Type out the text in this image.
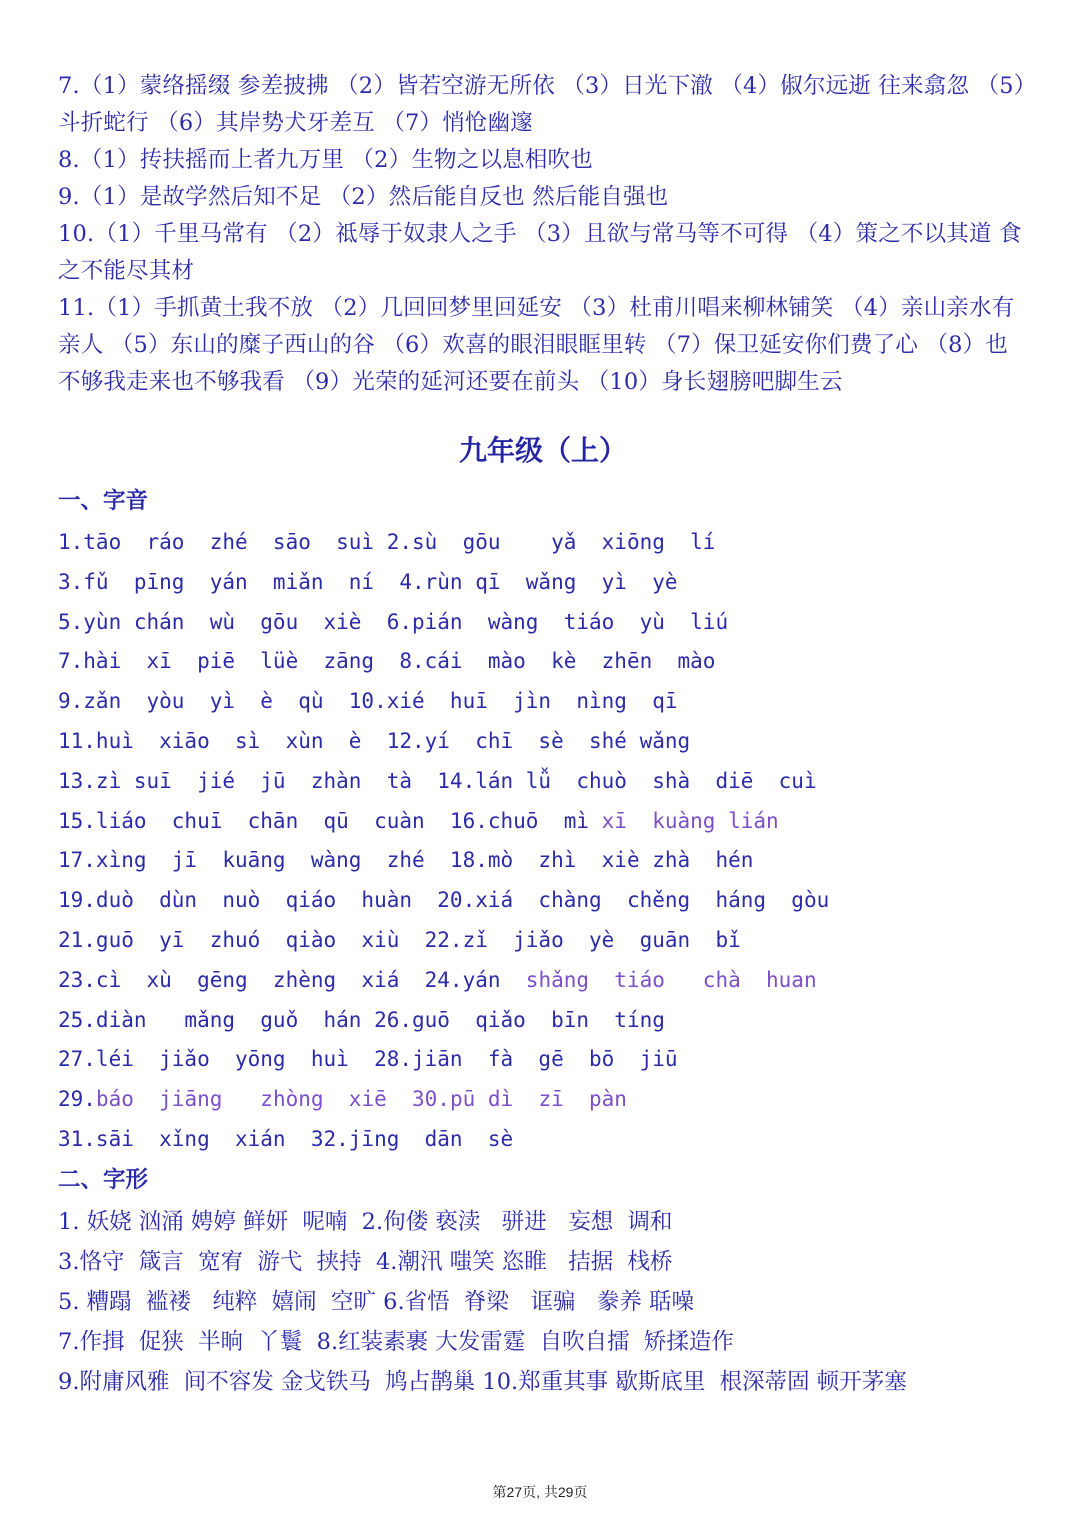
7.（1）蒙络摇缀 参差披拂 （2）皆若空游无所依 （3）日光下澈 （4）俶尔远逝 往来翕忽 （5）斗折蛇行 （6）其岸势犬牙差互 （7）悄怆幽邃

8.（1）抟扶摇而上者九万里 （2）生物之以息相吹也

9.（1）是故学然后知不足 （2）然后能自反也 然后能自强也

10.（1）千里马常有 （2）祗辱于奴隶人之手 （3）且欲与常马等不可得 （4）策之不以其道 食之不能尽其材

11.（1）手抓黄土我不放 （2）几回回梦里回延安 （3）杜甫川唱来柳林铺笑 （4）亲山亲水有亲人 （5）东山的糜子西山的谷 （6）欢喜的眼泪眼眶里转 （7）保卫延安你们费了心 （8）也不够我走来也不够我看 （9）光荣的延河还要在前头 （10）身长翅膀吧脚生云

九年级（上）
一、字音

1.tāo  ráo  zhé  sāo  suì 2.sù  gōu    yǎ  xiōng  lí

3.fǔ  pīng  yán  miǎn  ní  4.rùn qī  wǎng  yì  yè

5.yùn chán  wù  gōu  xiè  6.pián  wàng  tiáo  yù  liú

7.hài  xī  piē  lüè  zāng  8.cái  mào  kè  zhēn  mào

9.zǎn  yòu  yì  è  qù  10.xié  huī  jìn  nìng  qī

11.huì  xiāo  sì  xùn  è  12.yí  chī  sè  shé wǎng

13.zì suī  jié  jū  zhàn  tà  14.lán lǚ  chuò  shà  diē  cuì

15.liáo  chuī  chān  qū  cuàn  16.chuō  mì xī  kuàng lián

17.xìng  jī  kuāng  wàng  zhé  18.mò  zhì  xiè zhà  hén

19.duò  dùn  nuò  qiáo  huàn  20.xiá  chàng  chěng  háng  gòu

21.guō  yī  zhuó  qiào  xiù  22.zǐ  jiǎo  yè  guān  bǐ

23.cì  xù  gēng  zhèng  xiá  24.yán  shǎng  tiáo   chà  huan

25.diàn   mǎng  guǒ  hán 26.guō  qiǎo  bīn  tíng

27.léi  jiǎo  yōng  huì  28.jiān  fà  gē  bō  jiū

29.báo  jiāng   zhòng  xiē  30.pū dì  zī  pàn

31.sāi  xǐng  xián  32.jīng  dān  sè

二、字形

1. 妖娆 汹涌 娉婷 鲜妍  呢喃  2.佝偻 亵渎   骈进   妄想  调和

3.恪守  箴言  宽宥  游弋  挟持  4.潮汛 嗤笑 恣睢   拮据  栈桥

5. 糟蹋  褴褛   纯粹  嬉闹  空旷 6.省悟  脊梁   诓骗   豢养 聒噪

7.作揖  促狭  半晌  丫鬟  8.红装素裹 大发雷霆  自吹自擂  矫揉造作

9.附庸风雅  间不容发 金戈铁马  鸠占鹊巢 10.郑重其事 歇斯底里  根深蒂固 顿开茅塞

第27页, 共29页
